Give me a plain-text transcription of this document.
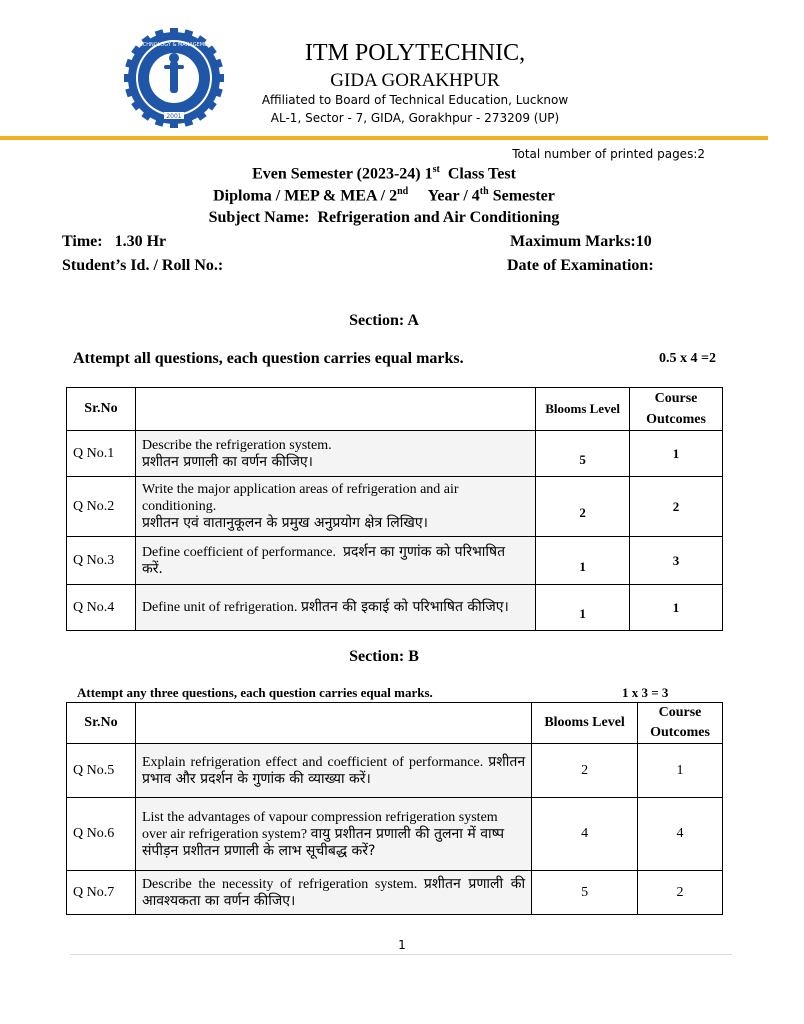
INSTITUTE OF TECHNOLOGY & MANAGEMENT GORAKHPUR
2001
ITM POLYTECHNIC,
GIDA GORAKHPUR
Affiliated to Board of Technical Education, Lucknow
AL-1, Sector - 7, GIDA, Gorakhpur - 273209 (UP)
Total number of printed pages:2
Even Semester (2023-24) 1st  Class Test
Diploma / MEP & MEA / 2nd     Year / 4th Semester
Subject Name:  Refrigeration and Air Conditioning
Time:   1.30 Hr	Maximum Marks:10
Student’s Id. / Roll No.:	Date of Examination:
Section: A
Attempt all questions, each question carries equal marks.	0.5 x 4 =2
Sr.No		Blooms Level	Course
Outcomes
Q No.1	Describe the refrigeration system.
प्रशीतन प्रणाली का वर्णन कीजिए।	5	1
Q No.2	Write the major application areas of refrigeration and air conditioning.
प्रशीतन एवं वातानुकूलन के प्रमुख अनुप्रयोग क्षेत्र लिखिए।	2	2
Q No.3	Define coefficient of performance.  प्रदर्शन का गुणांक को परिभाषित करें.	1	3
Q No.4	Define unit of refrigeration. प्रशीतन की इकाई को परिभाषित कीजिए।	1	1
Section: B
Attempt any three questions, each question carries equal marks.	1 x 3 = 3
Sr.No		Blooms Level	Course
Outcomes
Q No.5	Explain refrigeration effect and coefficient of performance. प्रशीतन प्रभाव और प्रदर्शन के गुणांक की व्याख्या करें।	2	1
Q No.6	List the advantages of vapour compression refrigeration system over air refrigeration system? वायु प्रशीतन प्रणाली की तुलना में वाष्प संपीड़न प्रशीतन प्रणाली के लाभ सूचीबद्ध करें?	4	4
Q No.7	Describe the necessity of refrigeration system. प्रशीतन प्रणाली की आवश्यकता का वर्णन कीजिए।	5	2
1
